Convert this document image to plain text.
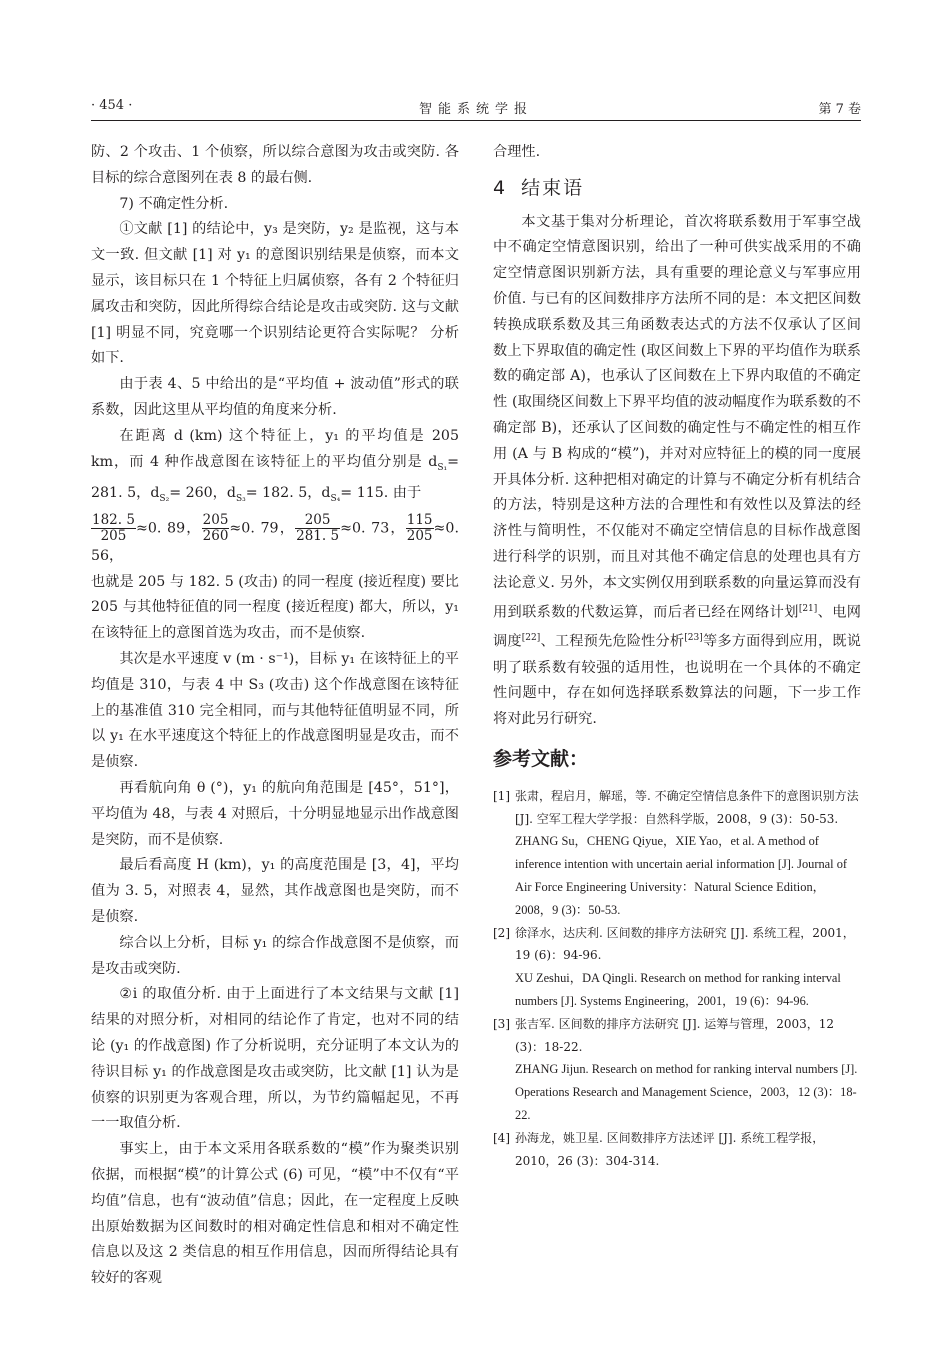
· 454 ·	智能系统学报	第 7 卷

防、2 个攻击、1 个侦察，所以综合意图为攻击或突防. 各目标的综合意图列在表 8 的最右侧.

7) 不确定性分析.

①文献 [1] 的结论中，y₃ 是突防，y₂ 是监视，这与本文一致. 但文献 [1] 对 y₁ 的意图识别结果是侦察，而本文显示，该目标只在 1 个特征上归属侦察，各有 2 个特征归属攻击和突防，因此所得综合结论是攻击或突防. 这与文献 [1] 明显不同，究竟哪一个识别结论更符合实际呢？ 分析如下.

由于表 4、5 中给出的是“平均值 + 波动值”形式的联系数，因此这里从平均值的角度来分析.

在距离 d (km) 这个特征上，y₁ 的平均值是 205 km，而 4 种作战意图在该特征上的平均值分别是 $d_{S_1}= 281$. 5，$d_{S_2}= 260$，$d_{S_3}= 182$. 5，$d_{S_4}= 115$. 由于

$\frac{182. 5}{205} \approx 0$. 89， $\frac{205}{260} \approx 0$. 79， $\frac{205}{281. 5} \approx 0$. 73， $\frac{115}{205} \approx 0$. 56，

也就是 205 与 182. 5 (攻击) 的同一程度 (接近程度) 要比 205 与其他特征值的同一程度 (接近程度) 都大，所以，y₁ 在该特征上的意图首选为攻击，而不是侦察.

其次是水平速度 v (m · s⁻¹)，目标 y₁ 在该特征上的平均值是 310，与表 4 中 S₃ (攻击) 这个作战意图在该特征上的基准值 310 完全相同，而与其他特征值明显不同，所以 y₁ 在水平速度这个特征上的作战意图明显是攻击，而不是侦察.

再看航向角 θ (°)，y₁ 的航向角范围是 [45°，51°]，平均值为 48，与表 4 对照后，十分明显地显示出作战意图是突防，而不是侦察.

最后看高度 H (km)，y₁ 的高度范围是 [3，4]，平均值为 3. 5，对照表 4，显然，其作战意图也是突防，而不是侦察.

综合以上分析，目标 y₁ 的综合作战意图不是侦察，而是攻击或突防.

②i 的取值分析. 由于上面进行了本文结果与文献 [1] 结果的对照分析，对相同的结论作了肯定，也对不同的结论 (y₁ 的作战意图) 作了分析说明，充分证明了本文认为的待识目标 y₁ 的作战意图是攻击或突防，比文献 [1] 认为是侦察的识别更为客观合理，所以，为节约篇幅起见，不再一一取值分析.

事实上，由于本文采用各联系数的“模”作为聚类识别依据，而根据“模”的计算公式 (6) 可见，“模”中不仅有“平均值”信息，也有“波动值”信息；因此，在一定程度上反映出原始数据为区间数时的相对确定性信息和相对不确定性信息以及这 2 类信息的相互作用信息，因而所得结论具有较好的客观

合理性.

4 结束语

本文基于集对分析理论，首次将联系数用于军事空战中不确定空情意图识别，给出了一种可供实战采用的不确定空情意图识别新方法，具有重要的理论意义与军事应用价值. 与已有的区间数排序方法所不同的是：本文把区间数转换成联系数及其三角函数表达式的方法不仅承认了区间数上下界取值的确定性 (取区间数上下界的平均值作为联系数的确定部 A)，也承认了区间数在上下界内取值的不确定性 (取围绕区间数上下界平均值的波动幅度作为联系数的不确定部 B)，还承认了区间数的确定性与不确定性的相互作用 (A 与 B 构成的“模”)，并对对应特征上的模的同一度展开具体分析. 这种把相对确定的计算与不确定分析有机结合的方法，特别是这种方法的合理性和有效性以及算法的经济性与简明性，不仅能对不确定空情信息的目标作战意图进行科学的识别，而且对其他不确定信息的处理也具有方法论意义. 另外，本文实例仅用到联系数的向量运算而没有用到联系数的代数运算，而后者已经在网络计划[21]、电网调度[22]、工程预先危险性分析[23]等多方面得到应用，既说明了联系数有较强的适用性，也说明在一个具体的不确定性问题中，存在如何选择联系数算法的问题，下一步工作将对此另行研究.

参考文献：
[1] 张肃，程启月，解瑶，等. 不确定空情信息条件下的意图识别方法 [J]. 空军工程大学学报：自然科学版，2008，9 (3)：50-53.
ZHANG Su，CHENG Qiyue，XIE Yao，et al. A method of inference intention with uncertain aerial information [J]. Journal of Air Force Engineering University：Natural Science Edition，2008，9 (3)：50-53.
[2] 徐泽水，达庆利. 区间数的排序方法研究 [J]. 系统工程，2001，19 (6)：94-96.
XU Zeshui，DA Qingli. Research on method for ranking interval numbers [J]. Systems Engineering，2001，19 (6)：94-96.
[3] 张吉军. 区间数的排序方法研究 [J]. 运筹与管理，2003，12 (3)：18-22.
ZHANG Jijun. Research on method for ranking interval numbers [J]. Operations Research and Management Science，2003，12 (3)：18-22.
[4] 孙海龙，姚卫星. 区间数排序方法述评 [J]. 系统工程学报，2010，26 (3)：304-314.
